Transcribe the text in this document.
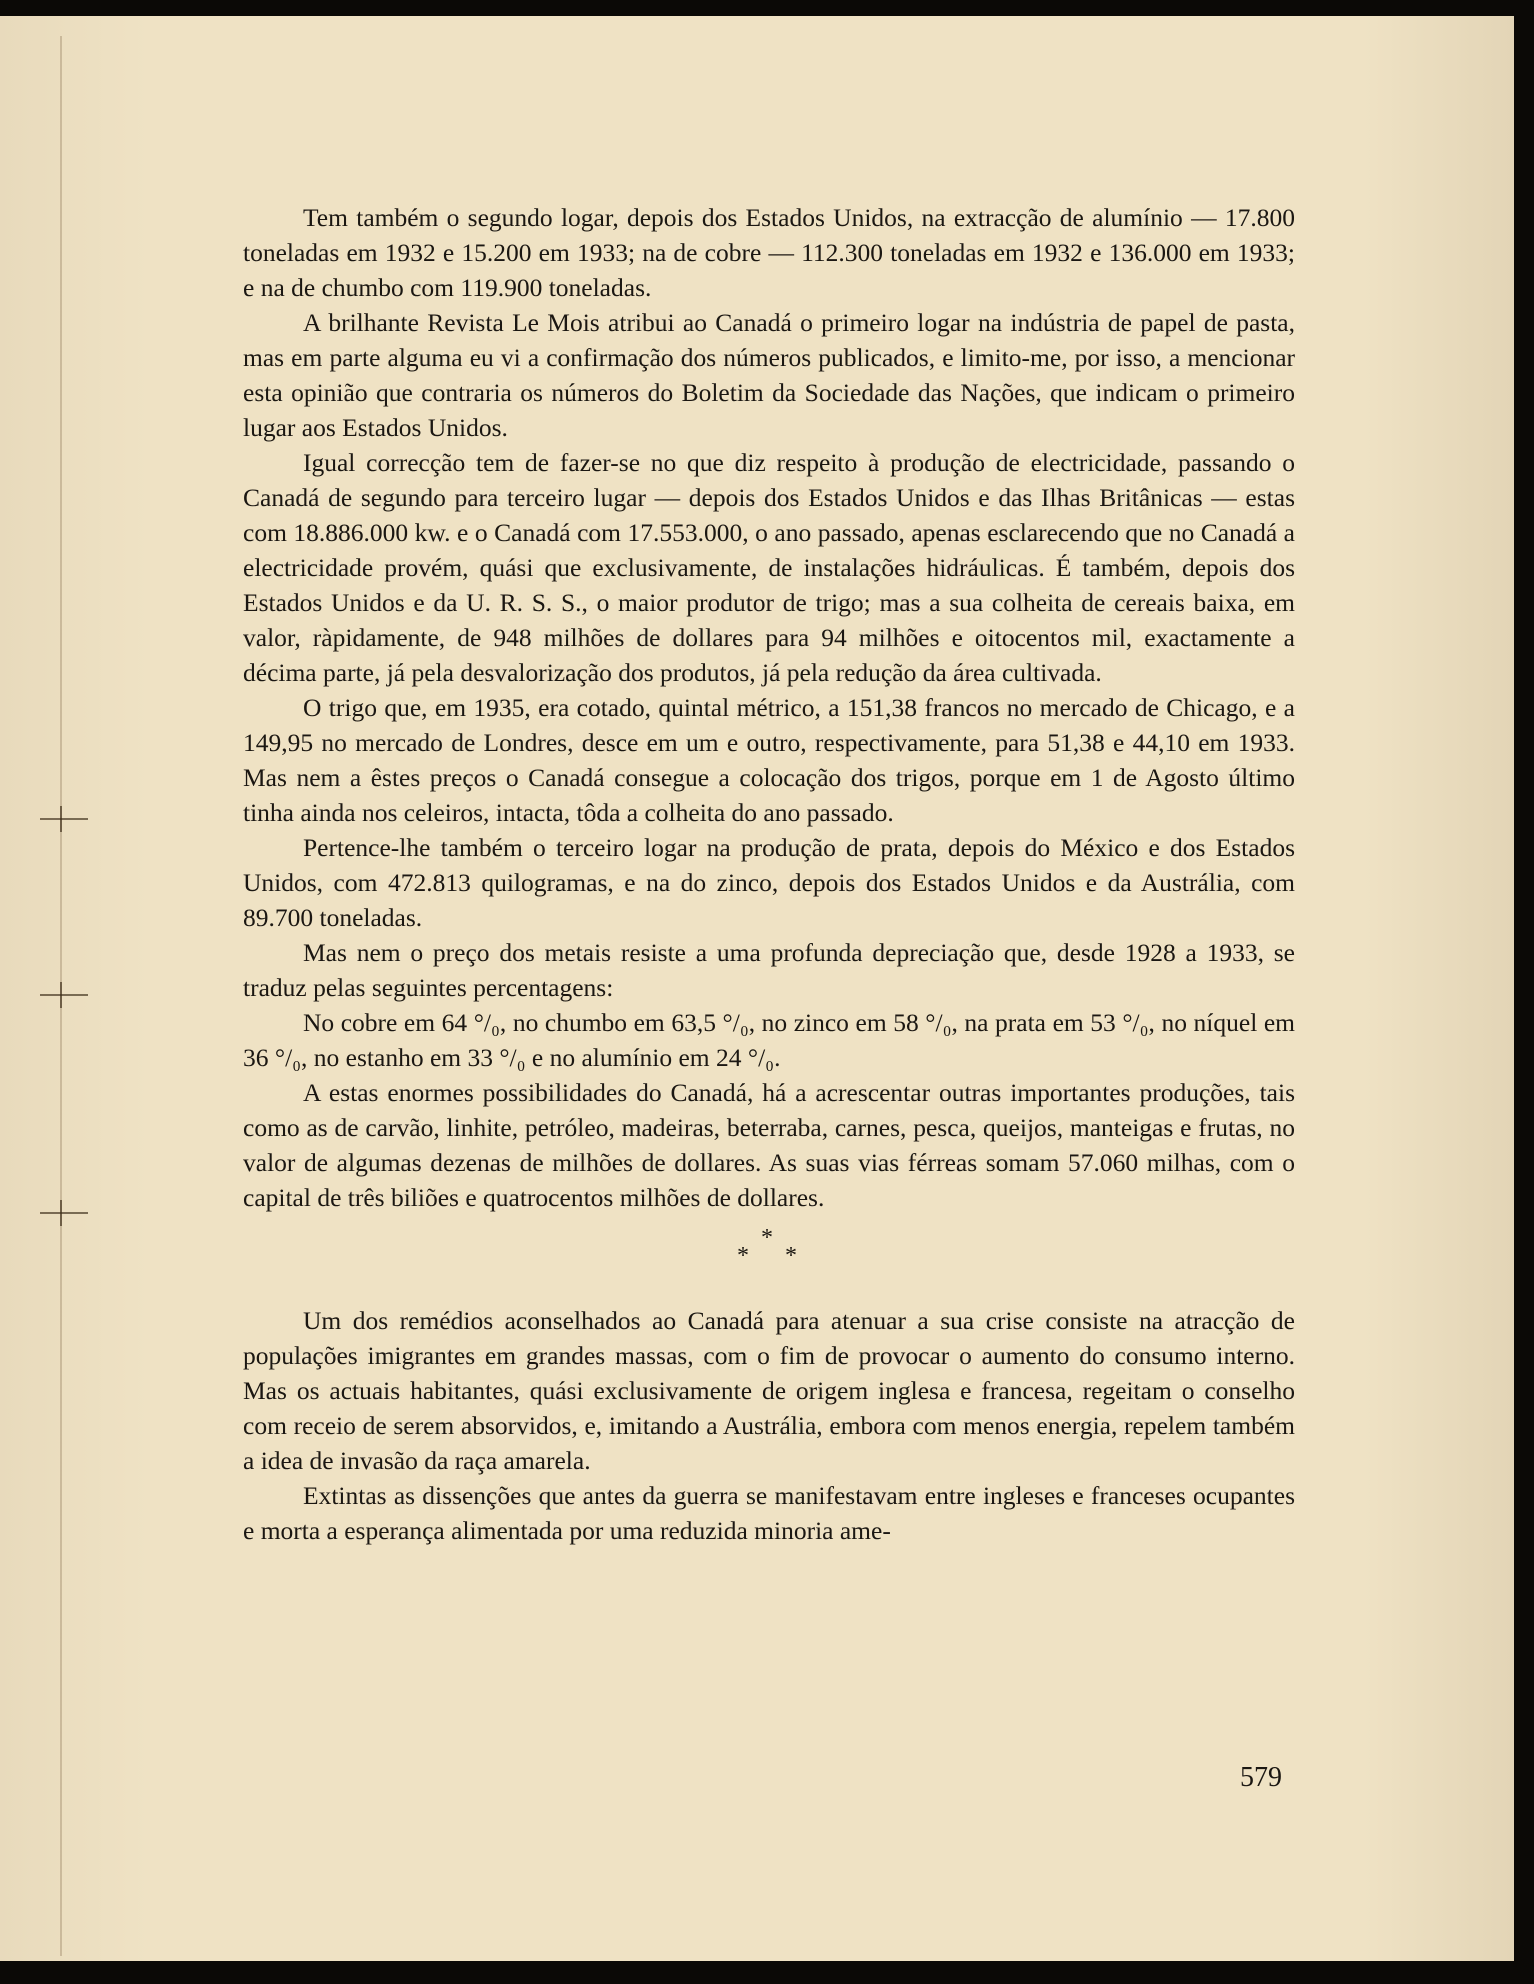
Tem também o segundo logar, depois dos Estados Unidos, na extracção de alumínio — 17.800 toneladas em 1932 e 15.200 em 1933; na de cobre — 112.300 toneladas em 1932 e 136.000 em 1933; e na de chumbo com 119.900 toneladas.

A brilhante Revista Le Mois atribui ao Canadá o primeiro logar na indústria de papel de pasta, mas em parte alguma eu vi a confirmação dos números publicados, e limito-me, por isso, a mencionar esta opinião que contraria os números do Boletim da Sociedade das Nações, que indicam o primeiro lugar aos Estados Unidos.

Igual correcção tem de fazer-se no que diz respeito à produção de electricidade, passando o Canadá de segundo para terceiro lugar — depois dos Estados Unidos e das Ilhas Britânicas — estas com 18.886.000 kw. e o Canadá com 17.553.000, o ano passado, apenas esclarecendo que no Canadá a electricidade provém, quási que exclusivamente, de instalações hidráulicas. É também, depois dos Estados Unidos e da U. R. S. S., o maior produtor de trigo; mas a sua colheita de cereais baixa, em valor, ràpidamente, de 948 milhões de dollares para 94 milhões e oitocentos mil, exactamente a décima parte, já pela desvalorização dos produtos, já pela redução da área cultivada.

O trigo que, em 1935, era cotado, quintal métrico, a 151,38 francos no mercado de Chicago, e a 149,95 no mercado de Londres, desce em um e outro, respectivamente, para 51,38 e 44,10 em 1933. Mas nem a êstes preços o Canadá consegue a colocação dos trigos, porque em 1 de Agosto último tinha ainda nos celeiros, intacta, tôda a colheita do ano passado.

Pertence-lhe também o terceiro logar na produção de prata, depois do México e dos Estados Unidos, com 472.813 quilogramas, e na do zinco, depois dos Estados Unidos e da Austrália, com 89.700 toneladas.

Mas nem o preço dos metais resiste a uma profunda depreciação que, desde 1928 a 1933, se traduz pelas seguintes percentagens:

No cobre em 64 °/₀, no chumbo em 63,5 °/₀, no zinco em 58 °/₀, na prata em 53 °/₀, no níquel em 36 °/₀, no estanho em 33 °/₀ e no alumínio em 24 °/₀.

A estas enormes possibilidades do Canadá, há a acrescentar outras importantes produções, tais como as de carvão, linhite, petróleo, madeiras, beterraba, carnes, pesca, queijos, manteigas e frutas, no valor de algumas dezenas de milhões de dollares. As suas vias férreas somam 57.060 milhas, com o capital de três biliões e quatrocentos milhões de dollares.

*
* *

Um dos remédios aconselhados ao Canadá para atenuar a sua crise consiste na atracção de populações imigrantes em grandes massas, com o fim de provocar o aumento do consumo interno. Mas os actuais habitantes, quási exclusivamente de origem inglesa e francesa, regeitam o conselho com receio de serem absorvidos, e, imitando a Austrália, embora com menos energia, repelem também a idea de invasão da raça amarela.

Extintas as dissenções que antes da guerra se manifestavam entre ingleses e franceses ocupantes e morta a esperança alimentada por uma reduzida minoria ame-

579
